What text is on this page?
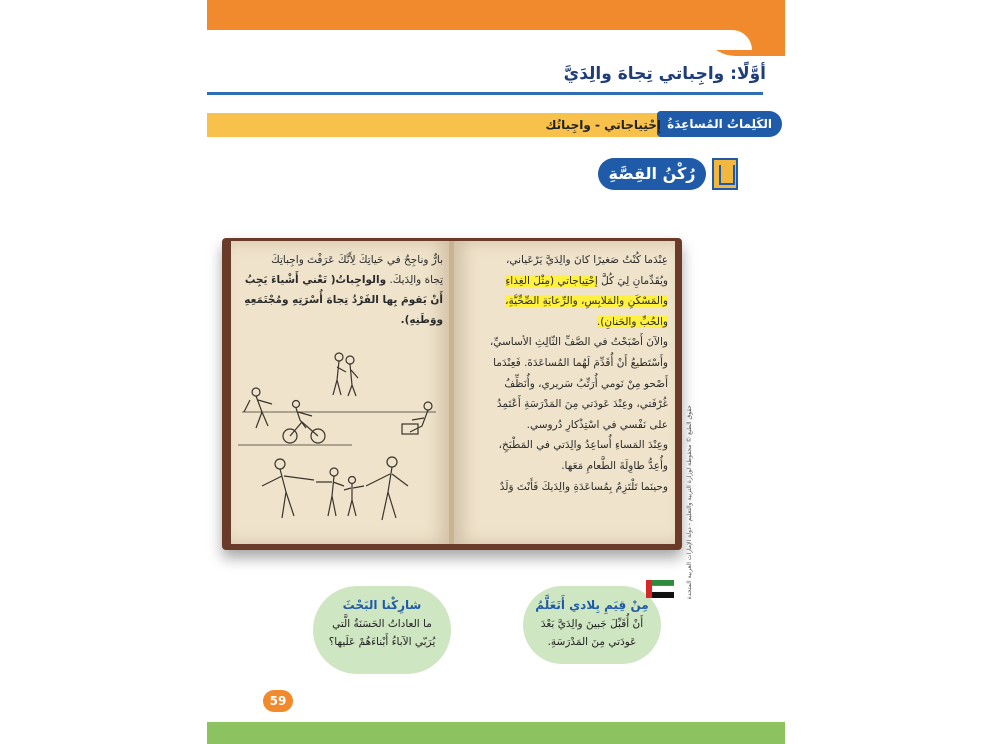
أوَّلًا: واجِباتي تِجاهَ والِدَيَّ
الكَلِماتُ المُساعِدَةُ
إِحْتِياجاتي - واجِباتُك
رُكْنُ القِصَّةِ

عِنْدَما كُنْتُ صَغيرًا كانَ والِدَيَّ يَرْعَياني،

ويُقَدِّمانِ لِيَ كُلَّ إحْتِياجاتي (مِثْلَ الغِذاءِ

والمَسْكَنِ والمَلابِسِ، والرِّعايَةِ الصِّحِّيَّةِ،

والحُبِّ والحَنانِ).

والآنَ أَصْبَحْتُ في الصَّفِّ الثّالِثِ الأساسيِّ،

وأَسْتَطيعُ أَنْ أُقَدِّمَ لَهُما المُساعَدَةَ. فَعِنْدَما

أَصْحو مِنْ نَومي أُرَتِّبُ سَريري، وأُنَظِّفُ

غُرْفَتي، وعِنْدَ عَودَتي مِنَ المَدْرَسَةِ أَعْتَمِدُ

على نَفْسي في اسْتِذْكارِ دُروسي.

وعِنْدَ المَساءِ أُساعِدُ والِدَتي في المَطْبَخِ،

وأُعِدُّ طاوِلَةَ الطَّعامِ مَعَها.

وحينَما تَلْتَزِمُ بِمُساعَدَةِ والِدَيكَ فَأَنْتَ وَلَدٌ

بارٌّ وناجِحٌ في حَياتِكَ لِأَنَّكَ عَرَفْتَ واجِباتِكَ
تِجاهَ والِدَيكَ. والواجِباتُ( تَعْني أَشْياءَ يَجِبُ
أَنْ يَقومَ بِها الفَرْدُ تِجاهَ أُسْرَتِهِ ومُجْتَمَعِهِ
ووَطَنِهِ).
شارِكْنا البَحْثَ
ما العاداتُ الحَسَنَةُ الَّتي يُرَبّي الآباءُ أَبْناءَهُمْ عَلَيها؟
مِنْ قِيَمِ بِلادي أَتَعَلَّمُ
أَنْ أُقَبِّلَ جَبينَ والِدَيَّ بَعْدَ عَودَتي مِنَ المَدْرَسَةِ.
59
حقوق الطبع © محفوظة لوزارة التربية والتعليم - دولة الإمارات العربية المتحدة
